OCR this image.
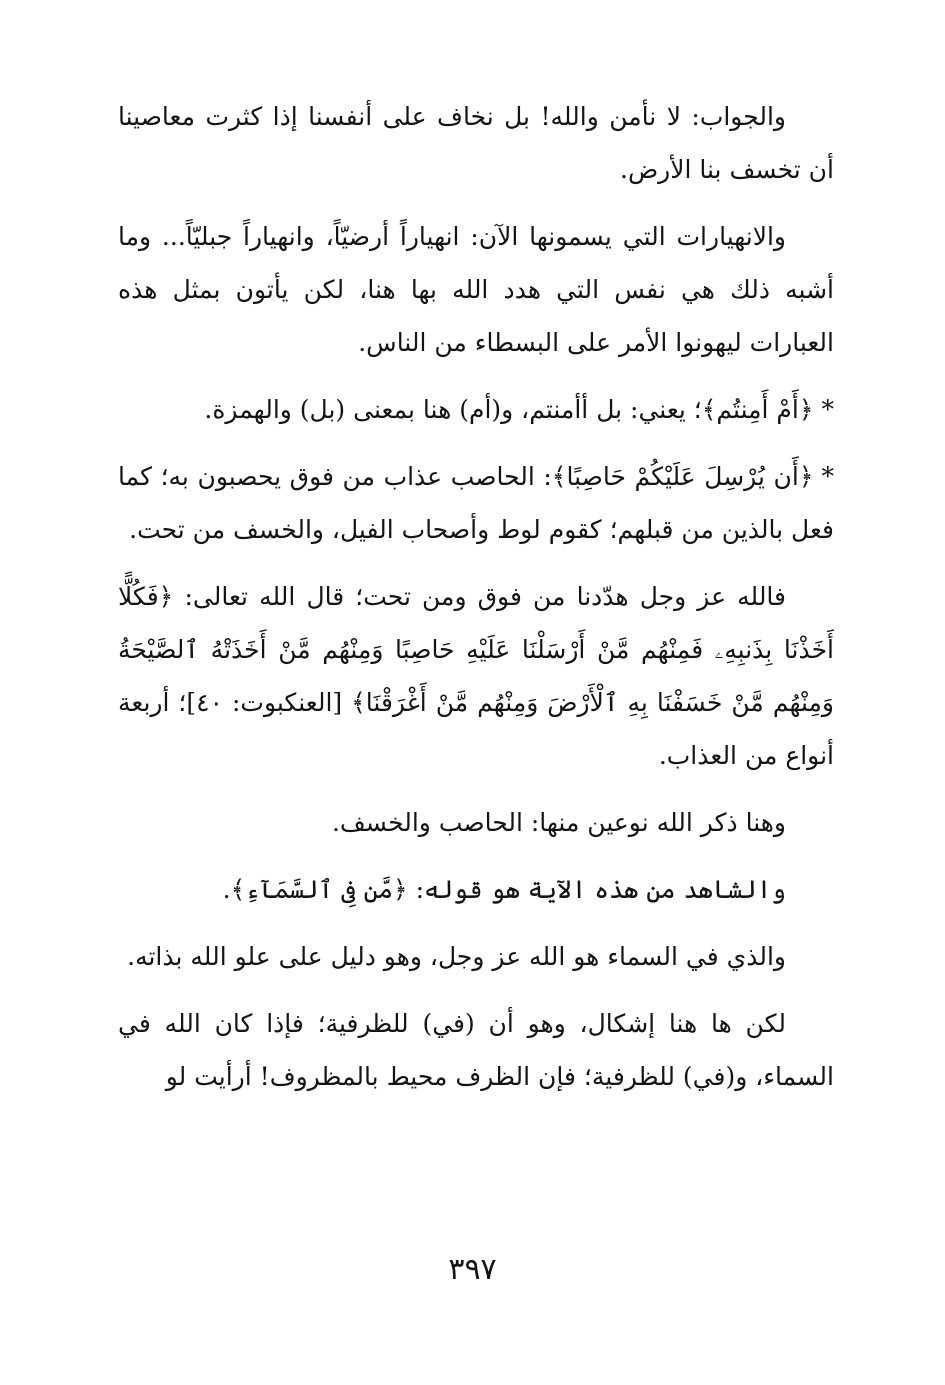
والجواب: لا نأمن والله! بل نخاف على أنفسنا إذا كثرت معاصينا أن تخسف بنا الأرض.

والانهيارات التي يسمونها الآن: انهياراً أرضيّاً، وانهياراً جبليّاً... وما أشبه ذلك هي نفس التي هدد الله بها هنا، لكن يأتون بمثل هذه العبارات ليهونوا الأمر على البسطاء من الناس.

*﴿أَمْ أَمِنتُم﴾؛ يعني: بل أأمنتم، و(أم) هنا بمعنى (بل) والهمزة.

*﴿أَن يُرْسِلَ عَلَيْكُمْ حَاصِبًا﴾: الحاصب عذاب من فوق يحصبون به؛ كما فعل بالذين من قبلهم؛ كقوم لوط وأصحاب الفيل، والخسف من تحت.

فالله عز وجل هدّدنا من فوق ومن تحت؛ قال الله تعالى: ﴿فَكُلًّا أَخَذْنَا بِذَنبِهِۦ فَمِنْهُم مَّنْ أَرْسَلْنَا عَلَيْهِ حَاصِبًا وَمِنْهُم مَّنْ أَخَذَتْهُ ٱلصَّيْحَةُ وَمِنْهُم مَّنْ خَسَفْنَا بِهِ ٱلْأَرْضَ وَمِنْهُم مَّنْ أَغْرَقْنَا﴾ [العنكبوت: ٤٠]؛ أربعة أنواع من العذاب.

وهنا ذكر الله نوعين منها: الحاصب والخسف.

والشاهد من هذه الآية هو قوله: ﴿مَّن فِى ٱلسَّمَآءِ﴾.

والذي في السماء هو الله عز وجل، وهو دليل على علو الله بذاته.

لكن ها هنا إشكال، وهو أن (في) للظرفية؛ فإذا كان الله في السماء، و(في) للظرفية؛ فإن الظرف محيط بالمظروف! أرأيت لو

٣٩٧
